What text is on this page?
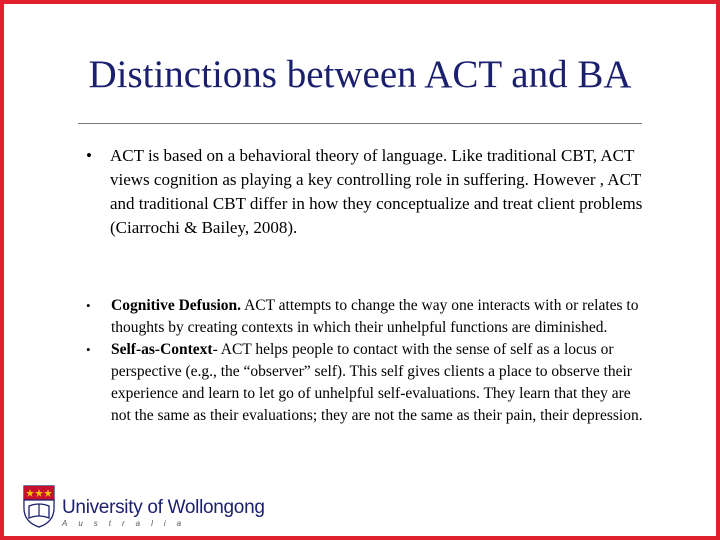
Distinctions between ACT and BA
• ACT is based on a behavioral theory of language. Like traditional CBT, ACT views cognition as playing a key controlling role in suffering. However , ACT and traditional CBT differ in how they conceptualize and treat client problems (Ciarrochi & Bailey, 2008).
• Cognitive Defusion. ACT attempts to change the way one interacts with or relates to thoughts by creating contexts in which their unhelpful functions are diminished.
• Self-as-Context- ACT helps people to contact with the sense of self as a locus or perspective (e.g., the “observer” self). This self gives clients a place to observe their experience and learn to let go of unhelpful self-evaluations. They learn that they are not the same as their evaluations; they are not the same as their pain, their depression.
University of Wollongong
Australia
